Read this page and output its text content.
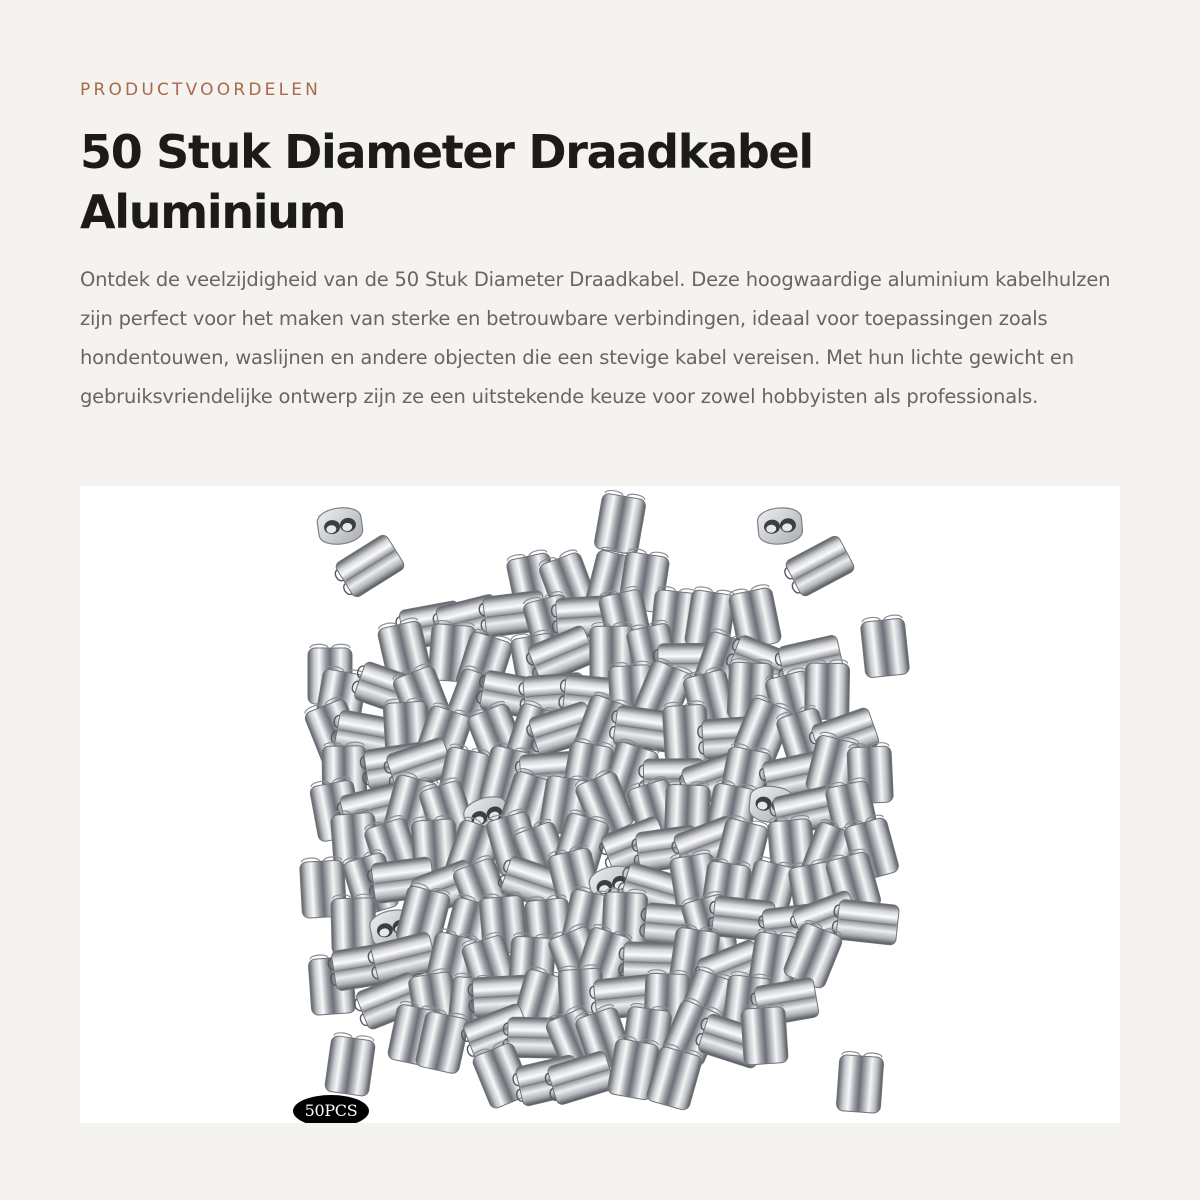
PRODUCTVOORDELEN
50 Stuk Diameter Draadkabel Aluminium

Ontdek de veelzijdigheid van de 50 Stuk Diameter Draadkabel. Deze hoogwaardige aluminium kabelhulzen zijn perfect voor het maken van sterke en betrouwbare verbindingen, ideaal voor toepassingen zoals hondentouwen, waslijnen en andere objecten die een stevige kabel vereisen. Met hun lichte gewicht en gebruiksvriendelijke ontwerp zijn ze een uitstekende keuze voor zowel hobbyisten als professionals.

50PCS
